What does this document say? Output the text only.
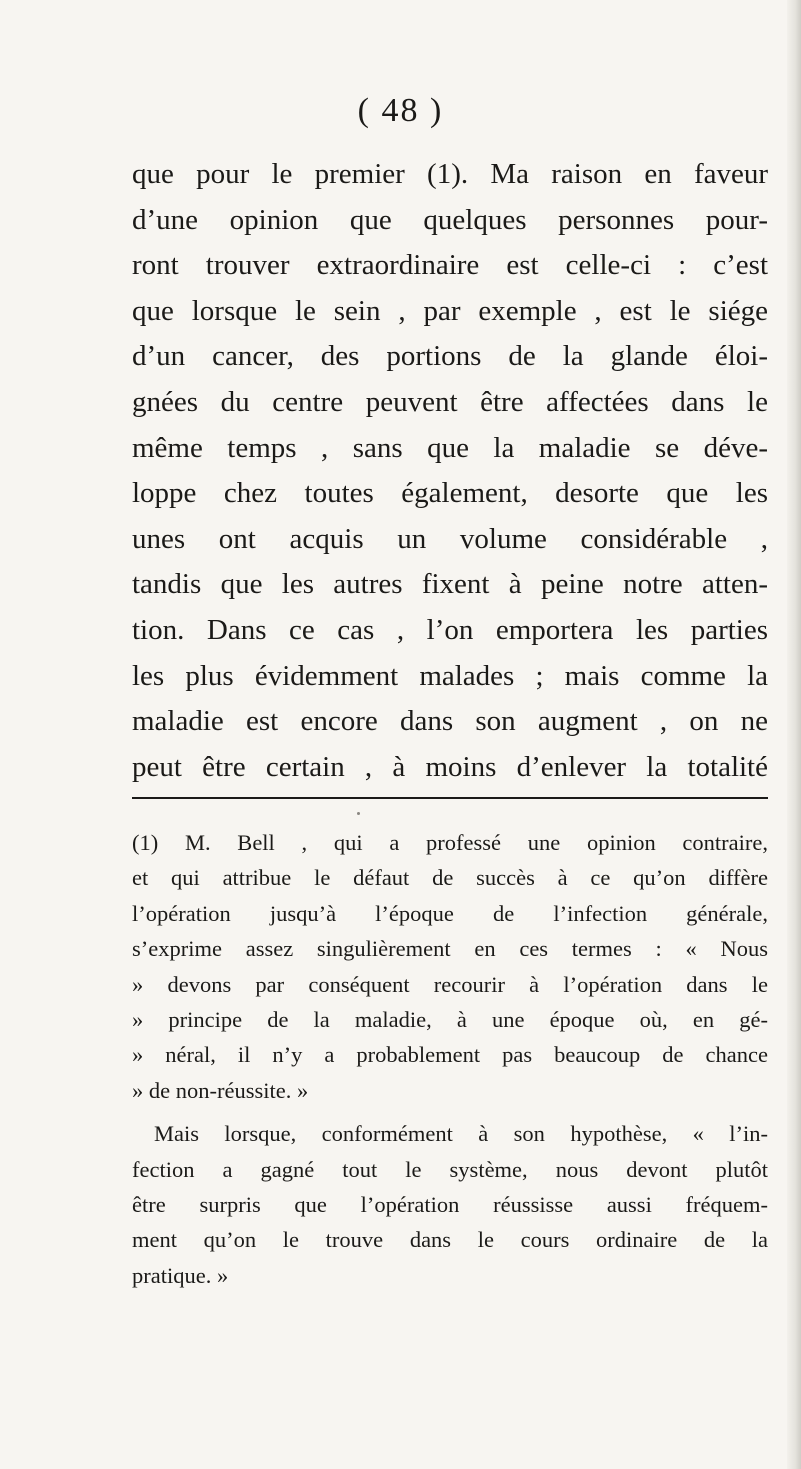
( 48 )
que pour le premier (1). Ma raison en faveur
d’une opinion que quelques personnes pour-
ront trouver extraordinaire est celle-ci : c’est
que lorsque le sein , par exemple , est le siége
d’un cancer, des portions de la glande éloi-
gnées du centre peuvent être affectées dans le
même temps , sans que la maladie se déve-
loppe chez toutes également, desorte que les
unes ont acquis un volume considérable ,
tandis que les autres fixent à peine notre atten-
tion. Dans ce cas , l’on emportera les parties
les plus évidemment malades ; mais comme la
maladie est encore dans son augment , on ne
peut être certain , à moins d’enlever la totalité
(1) M. Bell , qui a professé une opinion contraire,
et qui attribue le défaut de succès à ce qu’on diffère
l’opération jusqu’à l’époque de l’infection générale,
s’exprime assez singulièrement en ces termes : « Nous
» devons par conséquent recourir à l’opération dans le
» principe de la maladie, à une époque où, en gé-
» néral, il n’y a probablement pas beaucoup de chance
» de non-réussite. »
Mais lorsque, conformément à son hypothèse, « l’in-
fection a gagné tout le système, nous devont plutôt
être surpris que l’opération réussisse aussi fréquem-
ment qu’on le trouve dans le cours ordinaire de la
pratique. »
